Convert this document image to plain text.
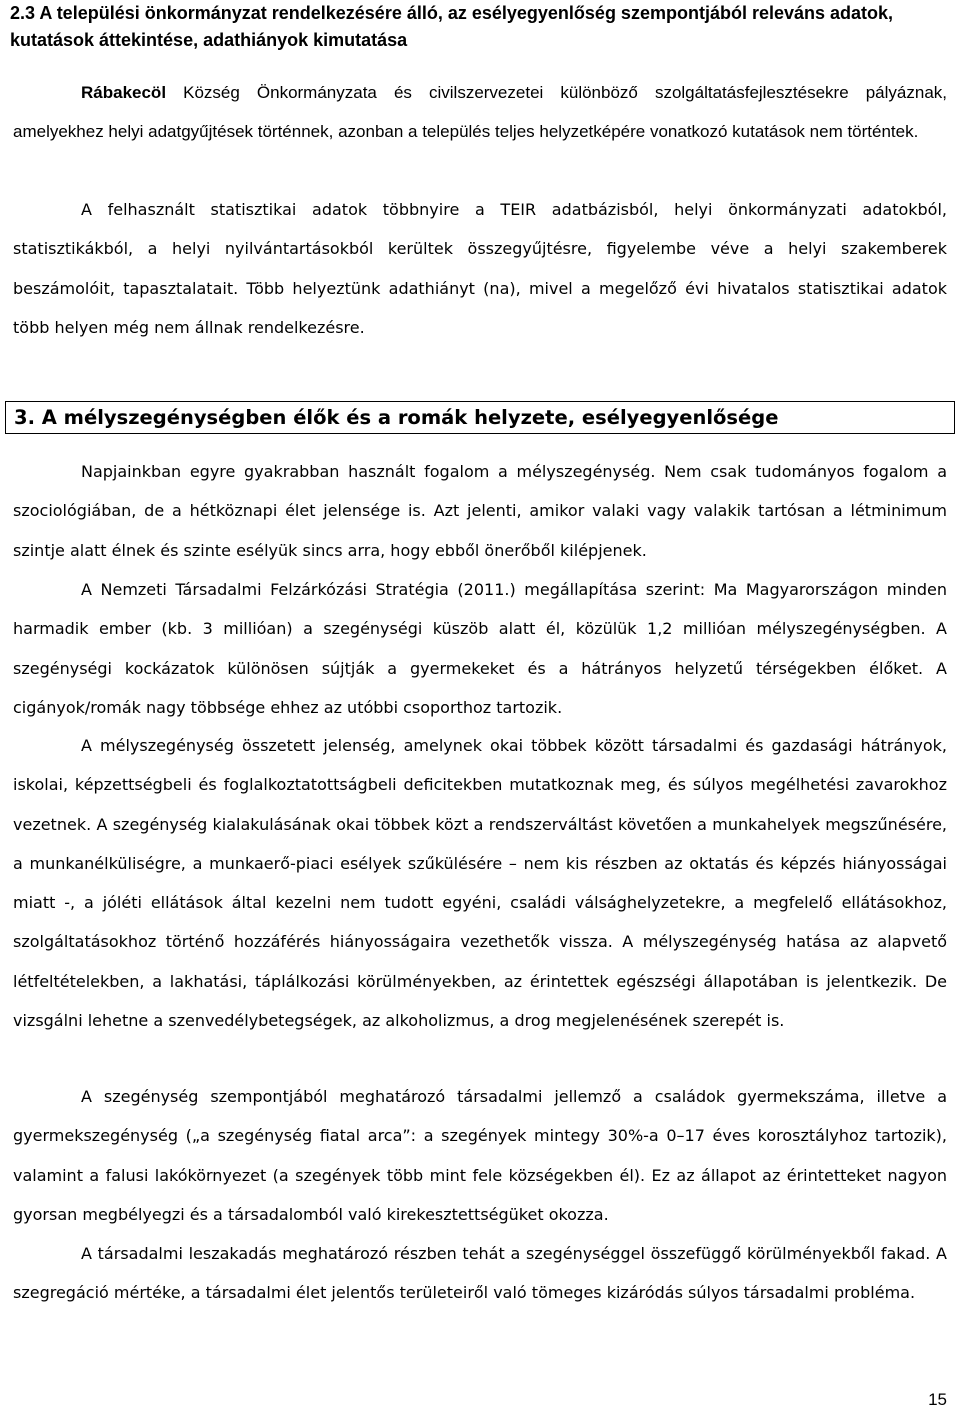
2.3 A települési önkormányzat rendelkezésére álló, az esélyegyenlőség szempontjából releváns adatok, kutatások áttekintése, adathiányok kimutatása

Rábakecöl Község Önkormányzata és civilszervezetei különböző szolgáltatásfejlesztésekre pályáznak, amelyekhez helyi adatgyűjtések történnek, azonban a település teljes helyzetképére vonatkozó kutatások nem történtek.

A felhasznált statisztikai adatok többnyire a TEIR adatbázisból, helyi önkormányzati adatokból, statisztikákból, a helyi nyilvántartásokból kerültek összegyűjtésre, figyelembe véve a helyi szakemberek beszámolóit, tapasztalatait. Több helyeztünk adathiányt (na), mivel a megelőző évi hivatalos statisztikai adatok több helyen még nem állnak rendelkezésre.

3. A mélyszegénységben élők és a romák helyzete, esélyegyenlősége

Napjainkban egyre gyakrabban használt fogalom a mélyszegénység. Nem csak tudományos fogalom a szociológiában, de a hétköznapi élet jelensége is. Azt jelenti, amikor valaki vagy valakik tartósan a létminimum szintje alatt élnek és szinte esélyük sincs arra, hogy ebből önerőből kilépjenek.

A Nemzeti Társadalmi Felzárkózási Stratégia (2011.) megállapítása szerint: Ma Magyarországon minden harmadik ember (kb. 3 millióan) a szegénységi küszöb alatt él, közülük 1,2 millióan mélyszegénységben. A szegénységi kockázatok különösen sújtják a gyermekeket és a hátrányos helyzetű térségekben élőket. A cigányok/romák nagy többsége ehhez az utóbbi csoporthoz tartozik.

A mélyszegénység összetett jelenség, amelynek okai többek között társadalmi és gazdasági hátrányok, iskolai, képzettségbeli és foglalkoztatottságbeli deficitekben mutatkoznak meg, és súlyos megélhetési zavarokhoz vezetnek. A szegénység kialakulásának okai többek közt a rendszerváltást követően a munkahelyek megszűnésére, a munkanélküliségre, a munkaerő-piaci esélyek szűkülésére – nem kis részben az oktatás és képzés hiányosságai miatt -, a jóléti ellátások által kezelni nem tudott egyéni, családi válsághelyzetekre, a megfelelő ellátásokhoz, szolgáltatásokhoz történő hozzáférés hiányosságaira vezethetők vissza. A mélyszegénység hatása az alapvető létfeltételekben, a lakhatási, táplálkozási körülményekben, az érintettek egészségi állapotában is jelentkezik. De vizsgálni lehetne a szenvedélybetegségek, az alkoholizmus, a drog megjelenésének szerepét is.

A szegénység szempontjából meghatározó társadalmi jellemző a családok gyermekszáma, illetve a gyermekszegénység („a szegénység fiatal arca”: a szegények mintegy 30%-a 0–17 éves korosztályhoz tartozik), valamint a falusi lakókörnyezet (a szegények több mint fele községekben él). Ez az állapot az érintetteket nagyon gyorsan megbélyegzi és a társadalomból való kirekesztettségüket okozza.

A társadalmi leszakadás meghatározó részben tehát a szegénységgel összefüggő körülményekből fakad. A szegregáció mértéke, a társadalmi élet jelentős területeiről való tömeges kizáródás súlyos társadalmi probléma.

15
